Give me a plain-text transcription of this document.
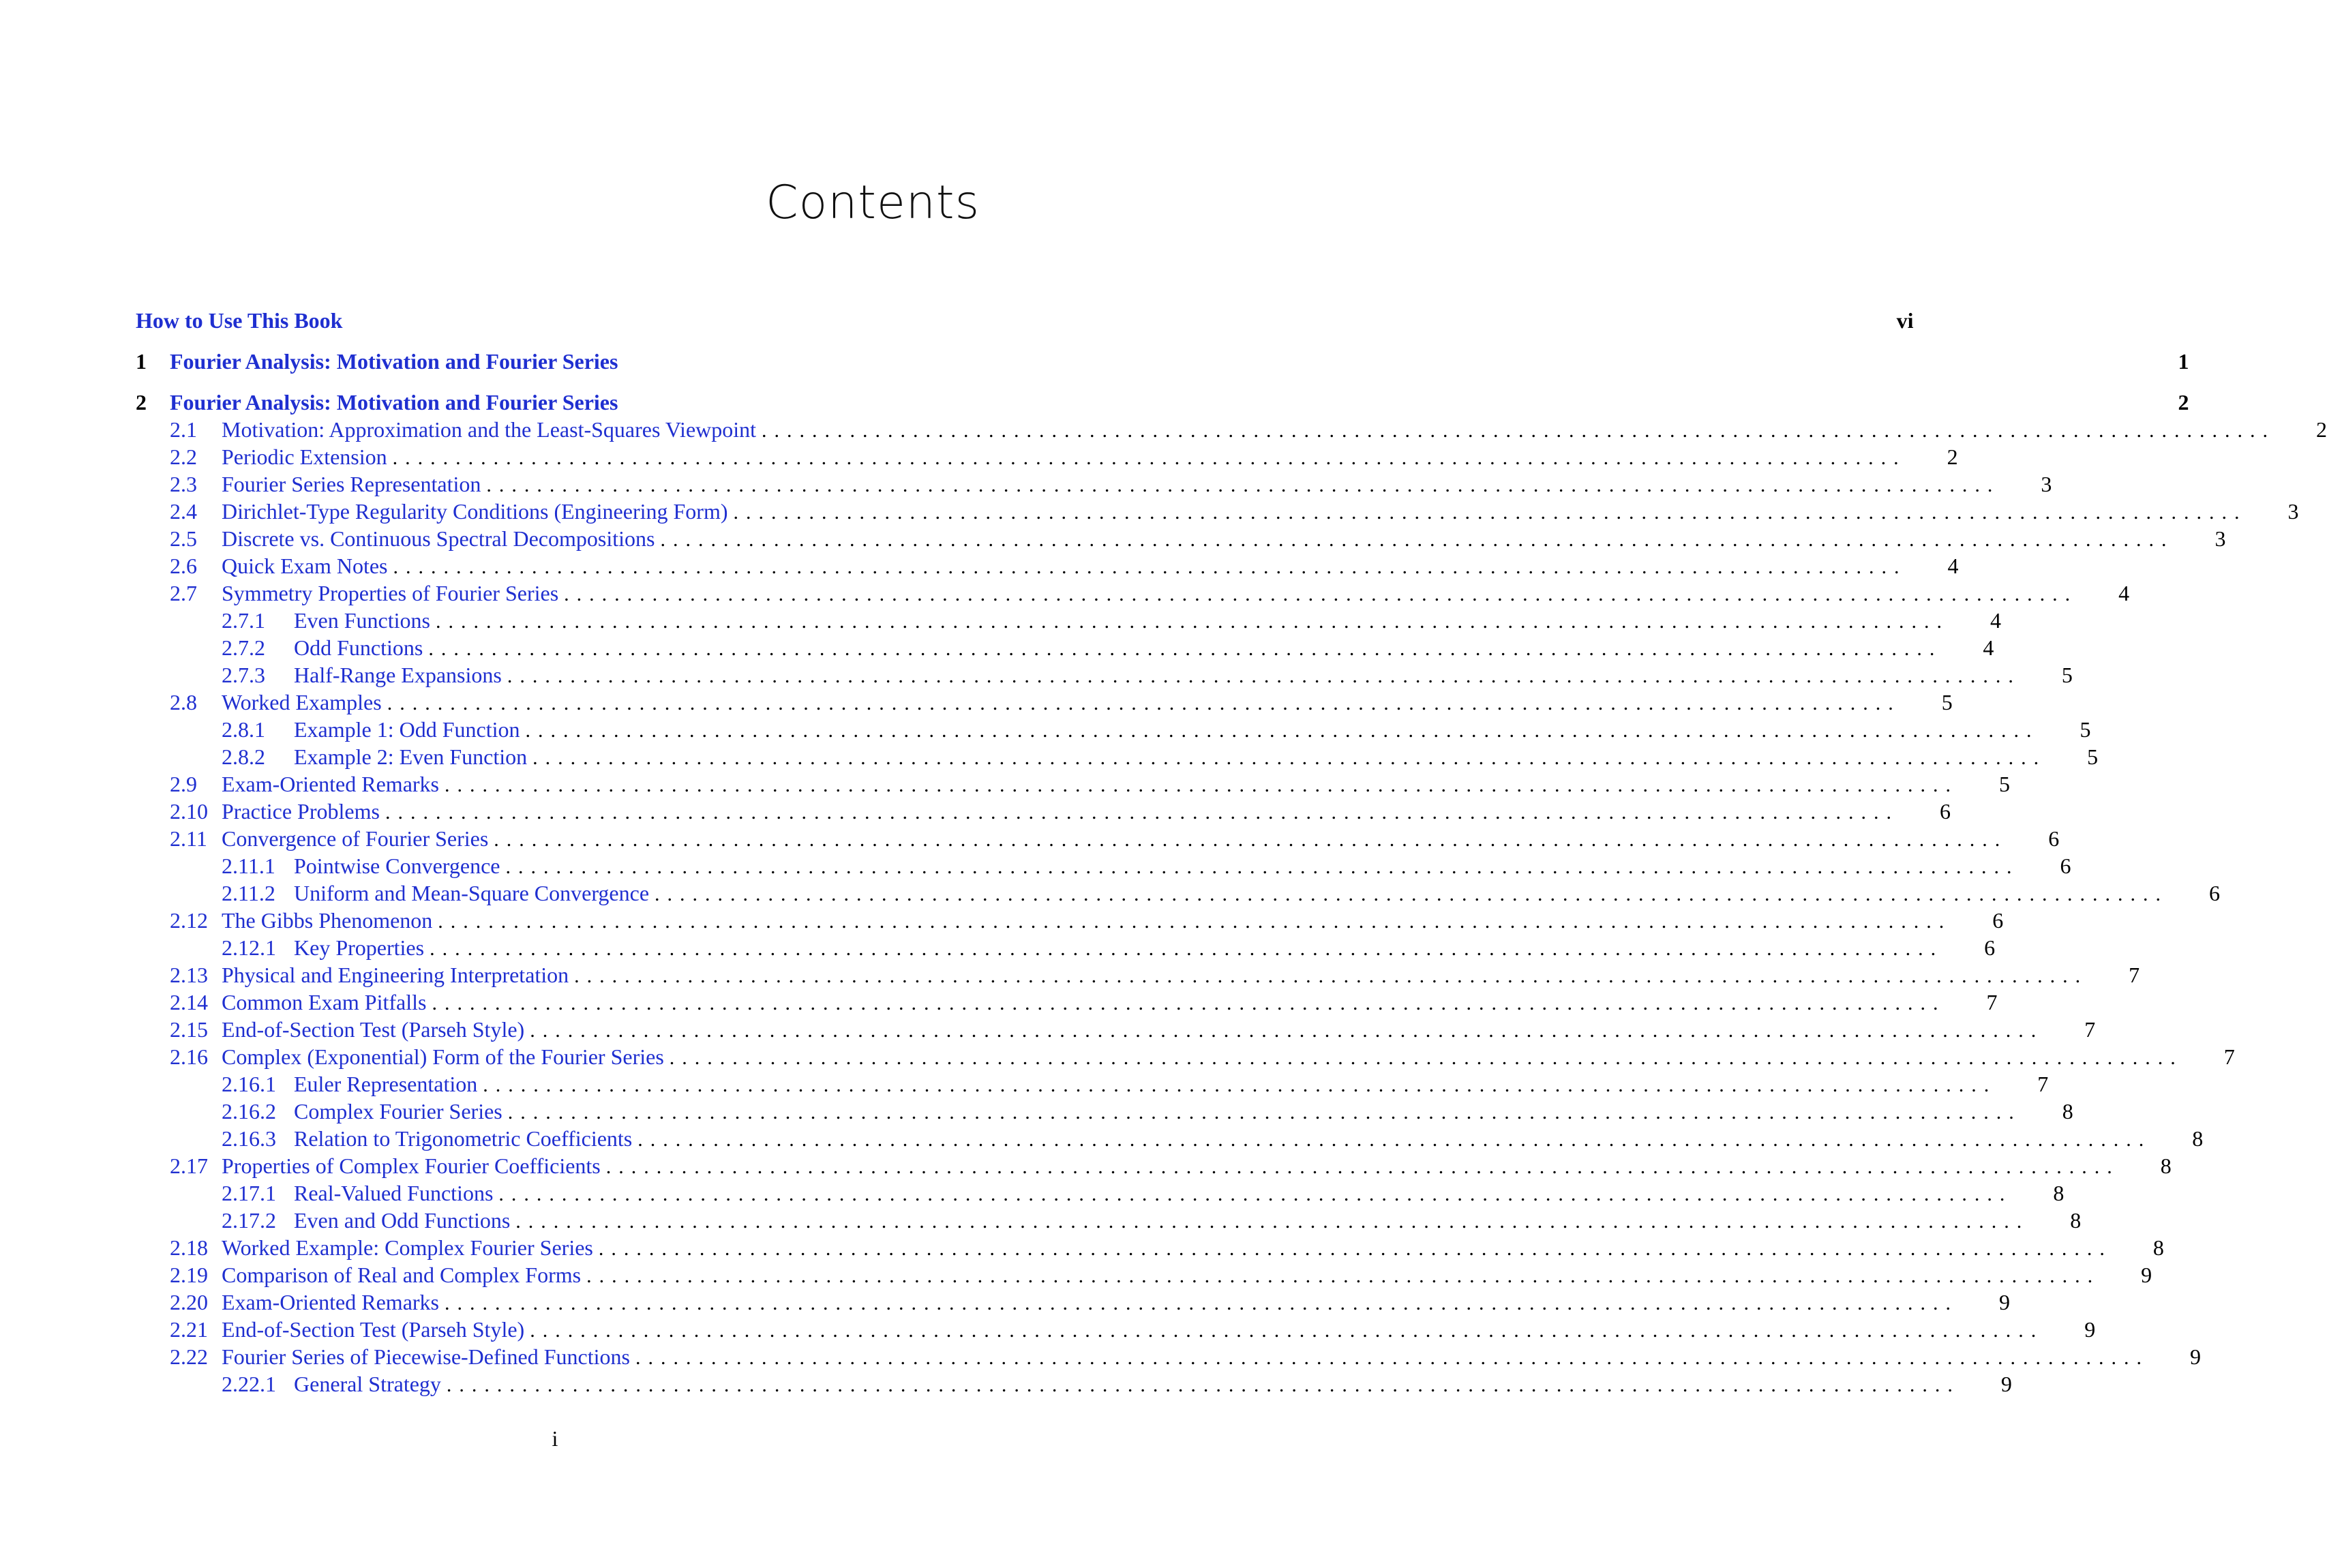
Contents
How to Use This Book	vi
1	Fourier Analysis: Motivation and Fourier Series	1
2	Fourier Analysis: Motivation and Fourier Series	2
2.1	Motivation: Approximation and the Least-Squares Viewpoint ........................................................................................................................	2
2.2	Periodic Extension ........................................................................................................................	2
2.3	Fourier Series Representation ........................................................................................................................	3
2.4	Dirichlet-Type Regularity Conditions (Engineering Form) ........................................................................................................................	3
2.5	Discrete vs. Continuous Spectral Decompositions ........................................................................................................................	3
2.6	Quick Exam Notes ........................................................................................................................	4
2.7	Symmetry Properties of Fourier Series ........................................................................................................................	4
2.7.1	Even Functions ........................................................................................................................	4
2.7.2	Odd Functions ........................................................................................................................	4
2.7.3	Half-Range Expansions ........................................................................................................................	5
2.8	Worked Examples ........................................................................................................................	5
2.8.1	Example 1: Odd Function ........................................................................................................................	5
2.8.2	Example 2: Even Function ........................................................................................................................	5
2.9	Exam-Oriented Remarks ........................................................................................................................	5
2.10 Practice Problems ........................................................................................................................	6
2.11 Convergence of Fourier Series ........................................................................................................................	6
2.11.1 Pointwise Convergence ........................................................................................................................	6
2.11.2 Uniform and Mean-Square Convergence ........................................................................................................................	6
2.12 The Gibbs Phenomenon ........................................................................................................................	6
2.12.1 Key Properties ........................................................................................................................	6
2.13 Physical and Engineering Interpretation ........................................................................................................................	7
2.14 Common Exam Pitfalls ........................................................................................................................	7
2.15 End-of-Section Test (Parseh Style) ........................................................................................................................	7
2.16 Complex (Exponential) Form of the Fourier Series ........................................................................................................................	7
2.16.1 Euler Representation ........................................................................................................................	7
2.16.2 Complex Fourier Series ........................................................................................................................	8
2.16.3 Relation to Trigonometric Coefficients ........................................................................................................................	8
2.17 Properties of Complex Fourier Coefficients ........................................................................................................................	8
2.17.1 Real-Valued Functions ........................................................................................................................	8
2.17.2 Even and Odd Functions ........................................................................................................................	8
2.18 Worked Example: Complex Fourier Series ........................................................................................................................	8
2.19 Comparison of Real and Complex Forms ........................................................................................................................	9
2.20 Exam-Oriented Remarks ........................................................................................................................	9
2.21 End-of-Section Test (Parseh Style) ........................................................................................................................	9
2.22 Fourier Series of Piecewise-Defined Functions ........................................................................................................................	9
2.22.1 General Strategy ........................................................................................................................	9
i
